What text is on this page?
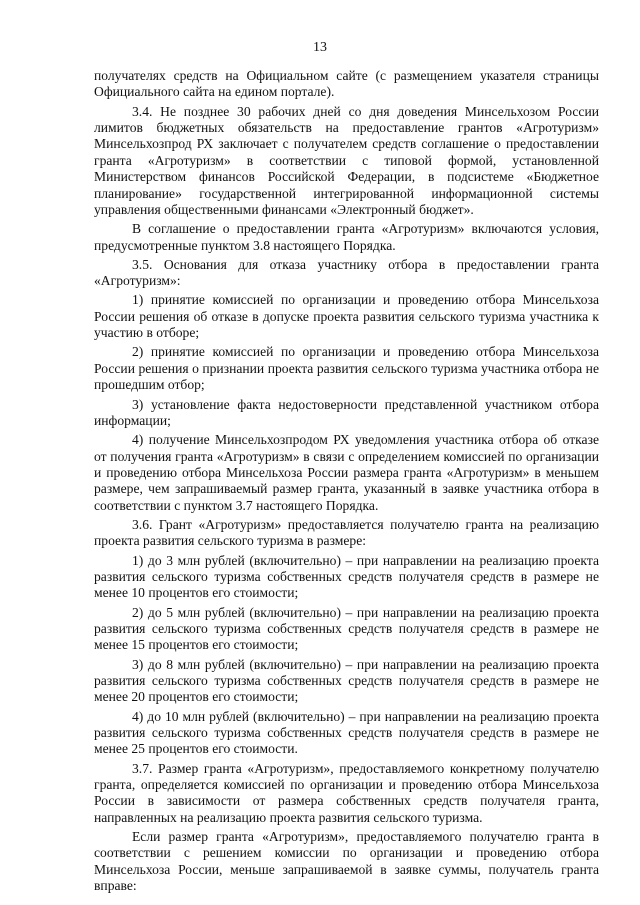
13

получателях средств на Официальном сайте (с размещением указателя страницы Официального сайта на едином портале).

3.4. Не позднее 30 рабочих дней со дня доведения Минсельхозом России лимитов бюджетных обязательств на предоставление грантов «Агротуризм» Минсельхозпрод РХ заключает с получателем средств соглашение о предоставлении гранта «Агротуризм» в соответствии с типовой формой, установленной Министерством финансов Российской Федерации, в подсистеме «Бюджетное планирование» государственной интегрированной информационной системы управления общественными финансами «Электронный бюджет».

В соглашение о предоставлении гранта «Агротуризм» включаются условия, предусмотренные пунктом 3.8 настоящего Порядка.

3.5. Основания для отказа участнику отбора в предоставлении гранта «Агротуризм»:

1) принятие комиссией по организации и проведению отбора Минсельхоза России решения об отказе в допуске проекта развития сельского туризма участника к участию в отборе;

2) принятие комиссией по организации и проведению отбора Минсельхоза России решения о признании проекта развития сельского туризма участника отбора не прошедшим отбор;

3) установление факта недостоверности представленной участником отбора информации;

4) получение Минсельхозпродом РХ уведомления участника отбора об отказе от получения гранта «Агротуризм» в связи с определением комиссией по организации и проведению отбора Минсельхоза России размера гранта «Агротуризм» в меньшем размере, чем запрашиваемый размер гранта, указанный в заявке участника отбора в соответствии с пунктом 3.7 настоящего Порядка.

3.6. Грант «Агротуризм» предоставляется получателю гранта на реализацию проекта развития сельского туризма в размере:

1) до 3 млн рублей (включительно) – при направлении на реализацию проекта развития сельского туризма собственных средств получателя средств в размере не менее 10 процентов его стоимости;

2) до 5 млн рублей (включительно) – при направлении на реализацию проекта развития сельского туризма собственных средств получателя средств в размере не менее 15 процентов его стоимости;

3) до 8 млн рублей (включительно) – при направлении на реализацию проекта развития сельского туризма собственных средств получателя средств в размере не менее 20 процентов его стоимости;

4) до 10 млн рублей (включительно) – при направлении на реализацию проекта развития сельского туризма собственных средств получателя средств в размере не менее 25 процентов его стоимости.

3.7. Размер гранта «Агротуризм», предоставляемого конкретному получателю гранта, определяется комиссией по организации и проведению отбора Минсельхоза России в зависимости от размера собственных средств получателя гранта, направленных на реализацию проекта развития сельского туризма.

Если размер гранта «Агротуризм», предоставляемого получателю гранта в соответствии с решением комиссии по организации и проведению отбора Минсельхоза России, меньше запрашиваемой в заявке суммы, получатель гранта вправе:
